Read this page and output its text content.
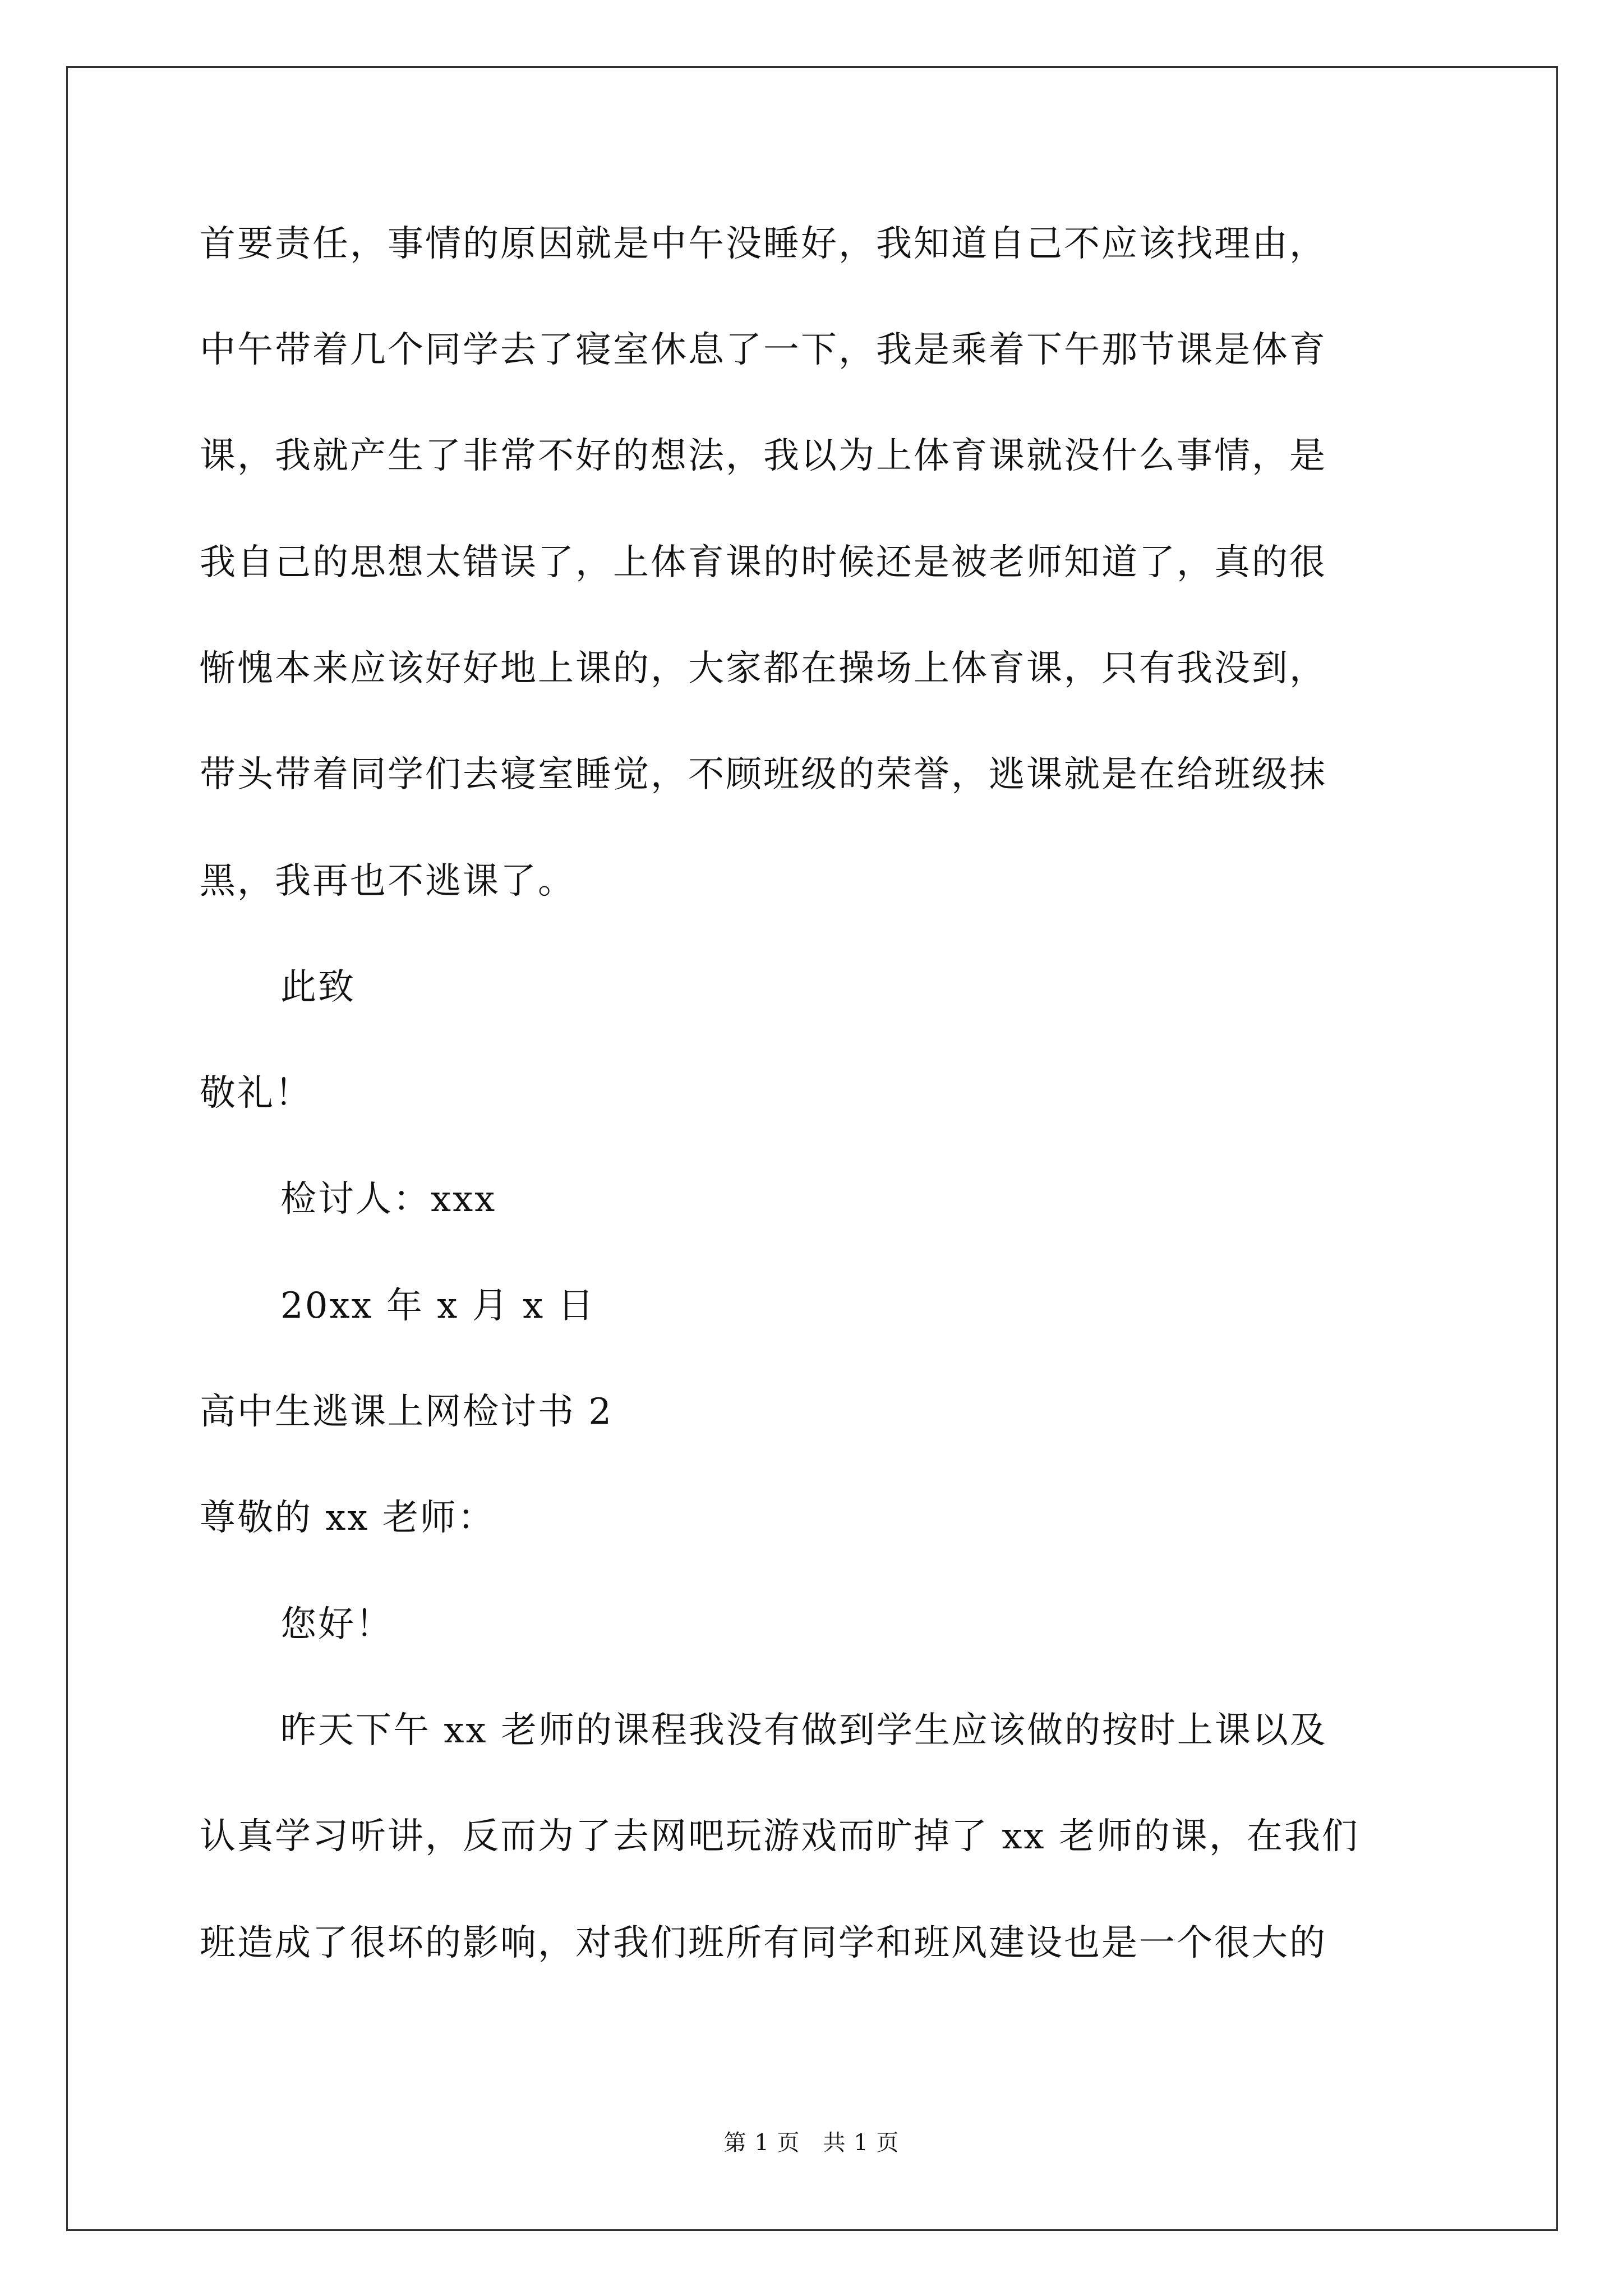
首要责任，事情的原因就是中午没睡好，我知道自己不应该找理由，
中午带着几个同学去了寝室休息了一下，我是乘着下午那节课是体育
课，我就产生了非常不好的想法，我以为上体育课就没什么事情，是
我自己的思想太错误了，上体育课的时候还是被老师知道了，真的很
惭愧本来应该好好地上课的，大家都在操场上体育课，只有我没到，
带头带着同学们去寝室睡觉，不顾班级的荣誉，逃课就是在给班级抹
黑，我再也不逃课了。
此致
敬礼！
检讨人：xxx
20xx 年 x 月 x 日
高中生逃课上网检讨书 2
尊敬的 xx 老师：
您好！
昨天下午 xx 老师的课程我没有做到学生应该做的按时上课以及
认真学习听讲，反而为了去网吧玩游戏而旷掉了 xx 老师的课，在我们
班造成了很坏的影响，对我们班所有同学和班风建设也是一个很大的
第 1 页　共 1 页
